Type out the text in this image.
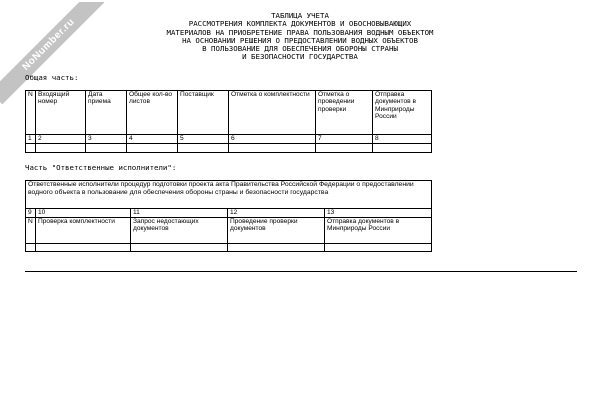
NoNumber.ru
ТАБЛИЦА УЧЕТА
РАССМОТРЕНИЯ КОМПЛЕКТА ДОКУМЕНТОВ И ОБОСНОВЫВАЮЩИХ
МАТЕРИАЛОВ НА ПРИОБРЕТЕНИЕ ПРАВА ПОЛЬЗОВАНИЯ ВОДНЫМ ОБЪЕКТОМ
НА ОСНОВАНИИ РЕШЕНИЯ О ПРЕДОСТАВЛЕНИИ ВОДНЫХ ОБЪЕКТОВ
В ПОЛЬЗОВАНИЕ ДЛЯ ОБЕСПЕЧЕНИЯ ОБОРОНЫ СТРАНЫ
И БЕЗОПАСНОСТИ ГОСУДАРСТВА
Общая часть:
N	Входящий номер	Дата приема	Общее кол-во листов	Поставщик	Отметка о комплектности	Отметка о проведении проверки	Отправка документов в Минприроды России
1	2	3	4	5	6	7	8

Часть "Ответственные исполнители":
Ответственные исполнители процедур подготовки проекта акта Правительства Российской Федерации о предоставлении водного объекта в пользование для обеспечения обороны страны и безопасности государства				
9	10	11	12	13
N	Проверка комплектности	Запрос недостающих документов	Проведение проверки документов	Отправка документов в Минприроды России
